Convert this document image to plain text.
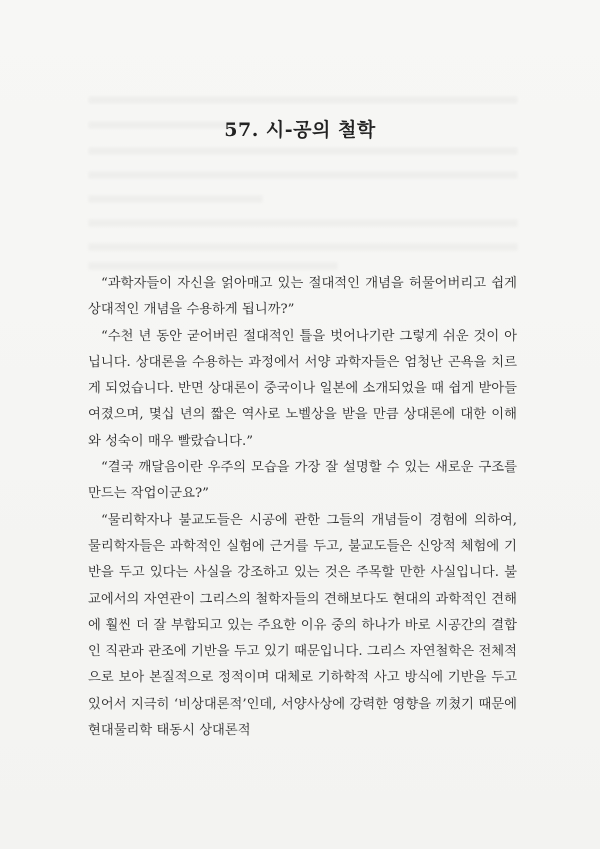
57. 시-공의 철학

“과학자들이 자신을 얽아매고 있는 절대적인 개념을 허물어버리고 쉽게 상대적인 개념을 수용하게 됩니까?”

“수천 년 동안 굳어버린 절대적인 틀을 벗어나기란 그렇게 쉬운 것이 아닙니다. 상대론을 수용하는 과정에서 서양 과학자들은 엄청난 곤욕을 치르게 되었습니다. 반면 상대론이 중국이나 일본에 소개되었을 때 쉽게 받아들여졌으며, 몇십 년의 짧은 역사로 노벨상을 받을 만큼 상대론에 대한 이해와 성숙이 매우 빨랐습니다.”

“결국 깨달음이란 우주의 모습을 가장 잘 설명할 수 있는 새로운 구조를 만드는 작업이군요?”

“물리학자나 불교도들은 시공에 관한 그들의 개념들이 경험에 의하여, 물리학자들은 과학적인 실험에 근거를 두고, 불교도들은 신앙적 체험에 기반을 두고 있다는 사실을 강조하고 있는 것은 주목할 만한 사실입니다. 불교에서의 자연관이 그리스의 철학자들의 견해보다도 현대의 과학적인 견해에 훨씬 더 잘 부합되고 있는 주요한 이유 중의 하나가 바로 시공간의 결합인 직관과 관조에 기반을 두고 있기 때문입니다. 그리스 자연철학은 전체적으로 보아 본질적으로 정적이며 대체로 기하학적 사고 방식에 기반을 두고 있어서 지극히 ‘비상대론적’인데, 서양사상에 강력한 영향을 끼쳤기 때문에 현대물리학 태동시 상대론적
